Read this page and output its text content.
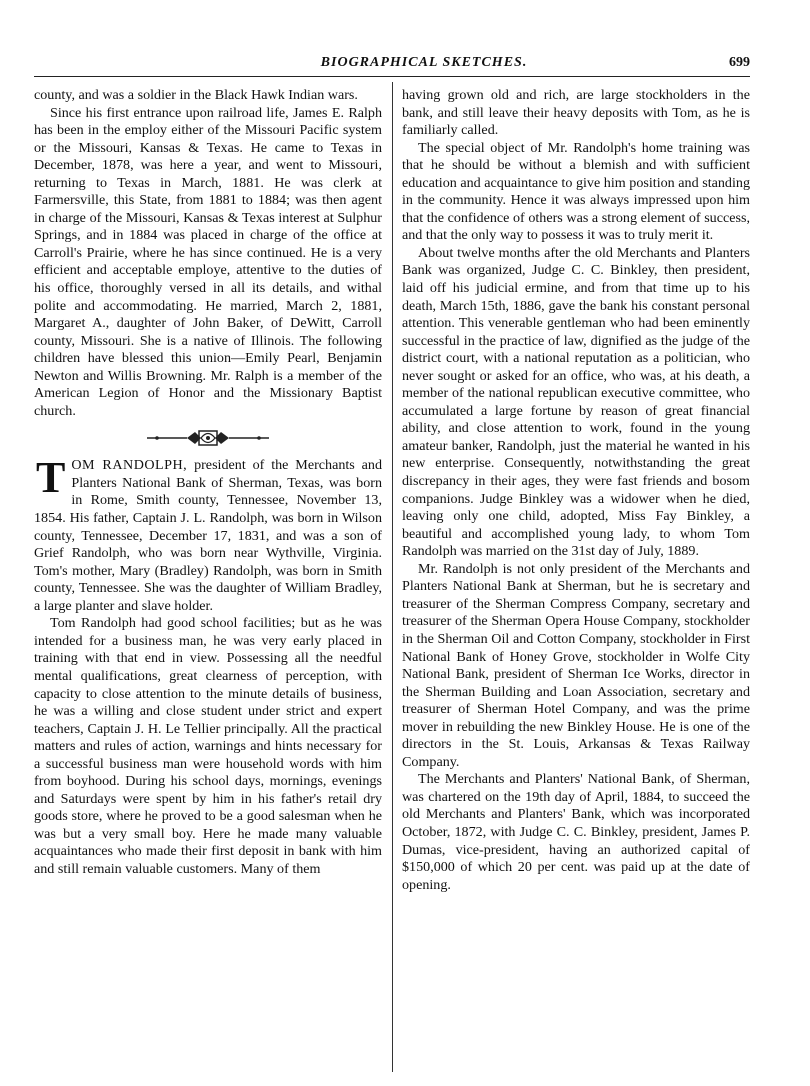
BIOGRAPHICAL SKETCHES.	699

county, and was a soldier in the Black Hawk Indian wars.

Since his first entrance upon railroad life, James E. Ralph has been in the employ either of the Missouri Pacific system or the Missouri, Kansas & Texas. He came to Texas in December, 1878, was here a year, and went to Missouri, returning to Texas in March, 1881. He was clerk at Farmersville, this State, from 1881 to 1884; was then agent in charge of the Missouri, Kansas & Texas interest at Sulphur Springs, and in 1884 was placed in charge of the office at Carroll's Prairie, where he has since continued. He is a very efficient and acceptable employe, attentive to the duties of his office, thoroughly versed in all its details, and withal polite and accommodating. He married, March 2, 1881, Margaret A., daughter of John Baker, of DeWitt, Carroll county, Missouri. She is a native of Illinois. The following children have blessed this union—Emily Pearl, Benjamin Newton and Willis Browning. Mr. Ralph is a member of the American Legion of Honor and the Missionary Baptist church.

TOM RANDOLPH, president of the Merchants and Planters National Bank of Sherman, Texas, was born in Rome, Smith county, Tennessee, November 13, 1854. His father, Captain J. L. Randolph, was born in Wilson county, Tennessee, December 17, 1831, and was a son of Grief Randolph, who was born near Wythville, Virginia. Tom's mother, Mary (Bradley) Randolph, was born in Smith county, Tennessee. She was the daughter of William Bradley, a large planter and slave holder.

Tom Randolph had good school facilities; but as he was intended for a business man, he was very early placed in training with that end in view. Possessing all the needful mental qualifications, great clearness of perception, with capacity to close attention to the minute details of business, he was a willing and close student under strict and expert teachers, Captain J. H. Le Tellier principally. All the practical matters and rules of action, warnings and hints necessary for a successful business man were household words with him from boyhood. During his school days, mornings, evenings and Saturdays were spent by him in his father's retail dry goods store, where he proved to be a good salesman when he was but a very small boy. Here he made many valuable acquaintances who made their first deposit in bank with him and still remain valuable customers. Many of them

having grown old and rich, are large stockholders in the bank, and still leave their heavy deposits with Tom, as he is familiarly called.

The special object of Mr. Randolph's home training was that he should be without a blemish and with sufficient education and acquaintance to give him position and standing in the community. Hence it was always impressed upon him that the confidence of others was a strong element of success, and that the only way to possess it was to truly merit it.

About twelve months after the old Merchants and Planters Bank was organized, Judge C. C. Binkley, then president, laid off his judicial ermine, and from that time up to his death, March 15th, 1886, gave the bank his constant personal attention. This venerable gentleman who had been eminently successful in the practice of law, dignified as the judge of the district court, with a national reputation as a politician, who never sought or asked for an office, who was, at his death, a member of the national republican executive committee, who accumulated a large fortune by reason of great financial ability, and close attention to work, found in the young amateur banker, Randolph, just the material he wanted in his new enterprise. Consequently, notwithstanding the great discrepancy in their ages, they were fast friends and bosom companions. Judge Binkley was a widower when he died, leaving only one child, adopted, Miss Fay Binkley, a beautiful and accomplished young lady, to whom Tom Randolph was married on the 31st day of July, 1889.

Mr. Randolph is not only president of the Merchants and Planters National Bank at Sherman, but he is secretary and treasurer of the Sherman Compress Company, secretary and treasurer of the Sherman Opera House Company, stockholder in the Sherman Oil and Cotton Company, stockholder in First National Bank of Honey Grove, stockholder in Wolfe City National Bank, president of Sherman Ice Works, director in the Sherman Building and Loan Association, secretary and treasurer of Sherman Hotel Company, and was the prime mover in rebuilding the new Binkley House. He is one of the directors in the St. Louis, Arkansas & Texas Railway Company.

The Merchants and Planters' National Bank, of Sherman, was chartered on the 19th day of April, 1884, to succeed the old Merchants and Planters' Bank, which was incorporated October, 1872, with Judge C. C. Binkley, president, James P. Dumas, vice-president, having an authorized capital of $150,000 of which 20 per cent. was paid up at the date of opening.
